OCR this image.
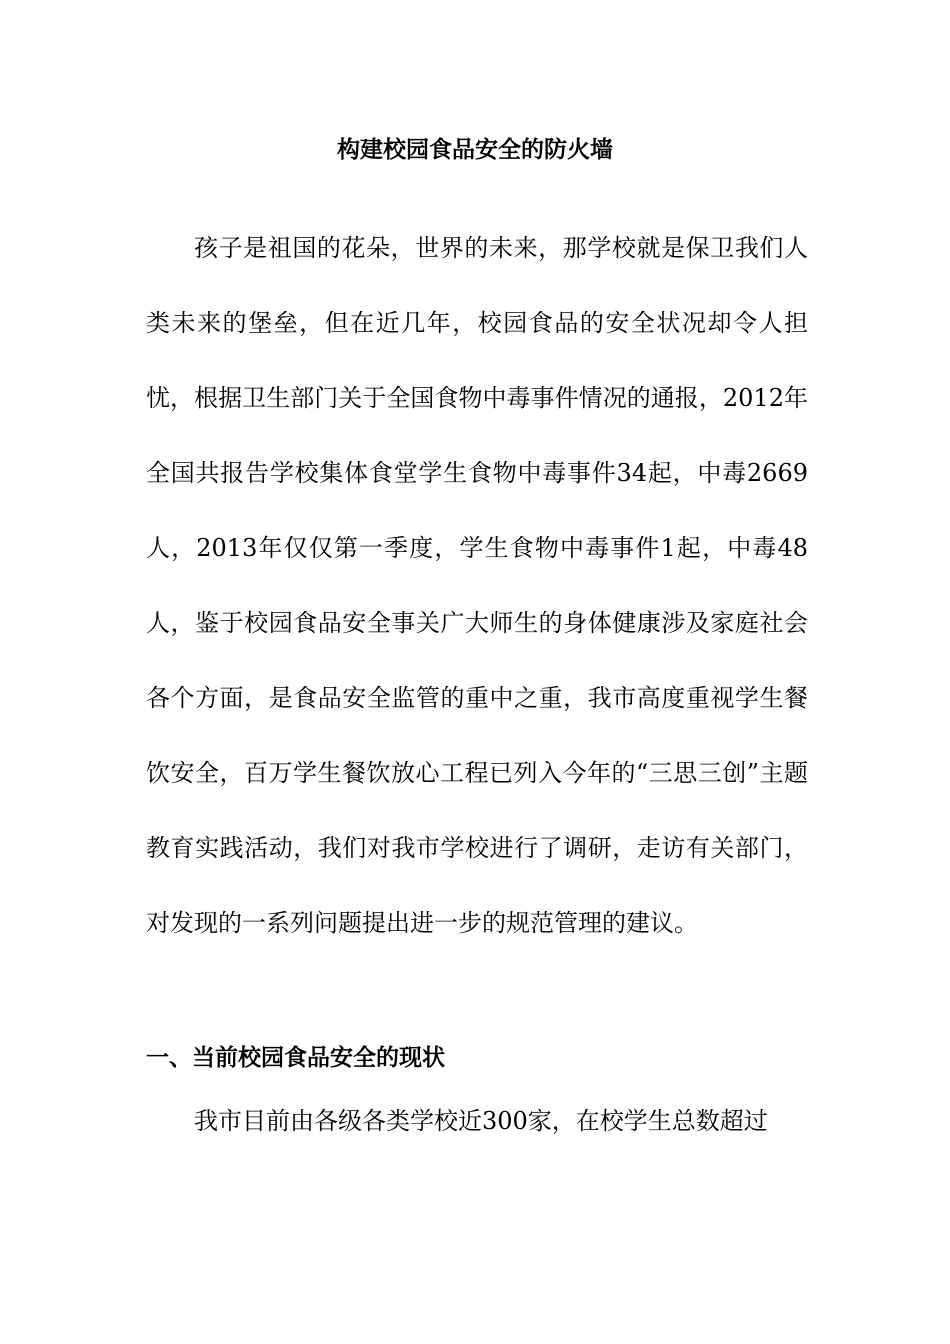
构建校园食品安全的防火墙

孩子是祖国的花朵，世界的未来，那学校就是保卫我们人类未来的堡垒，但在近几年，校园食品的安全状况却令人担忧，根据卫生部门关于全国食物中毒事件情况的通报，2012年全国共报告学校集体食堂学生食物中毒事件34起，中毒2669人，2013年仅仅第一季度，学生食物中毒事件1起，中毒48人，鉴于校园食品安全事关广大师生的身体健康涉及家庭社会各个方面，是食品安全监管的重中之重，我市高度重视学生餐饮安全，百万学生餐饮放心工程已列入今年的“三思三创”主题教育实践活动，我们对我市学校进行了调研，走访有关部门，对发现的一系列问题提出进一步的规范管理的建议。

一、当前校园食品安全的现状

我市目前由各级各类学校近300家，在校学生总数超过
